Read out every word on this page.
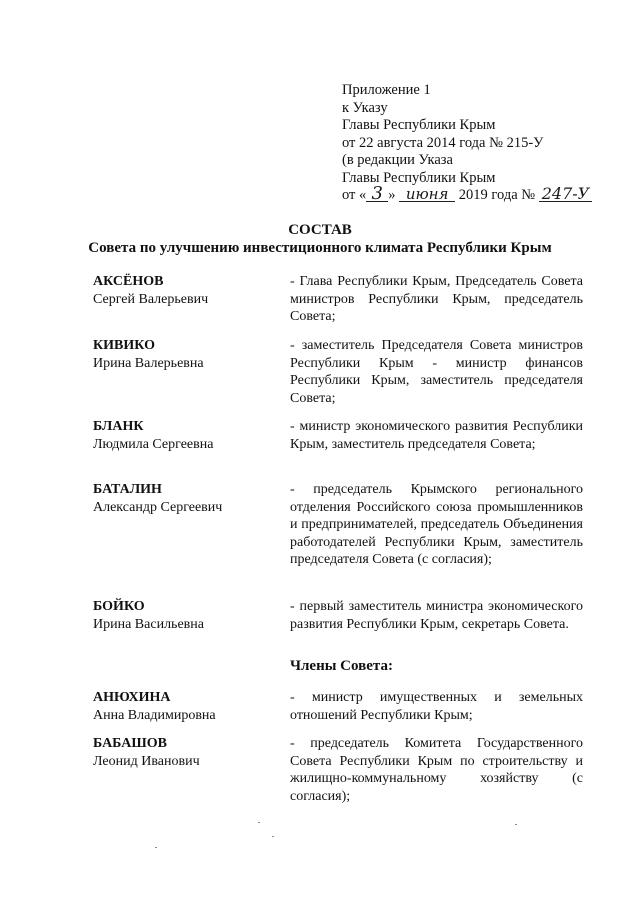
Приложение 1
к Указу
Главы Республики Крым
от 22 августа 2014 года № 215-У
(в редакции Указа
Главы Республики Крым
от « 3 » июня 2019 года № 247-У
СОСТАВ
Совета по улучшению инвестиционного климата Республики Крым
АКСЁНОВ
Сергей Валерьевич
- Глава Республики Крым, Председатель Совета министров Республики Крым, председатель Совета;
КИВИКО
Ирина Валерьевна
- заместитель Председателя Совета министров Республики Крым - министр финансов Республики Крым, заместитель председателя Совета;
БЛАНК
Людмила Сергеевна
- министр экономического развития Республики Крым, заместитель председателя Совета;
БАТАЛИН
Александр Сергеевич
- председатель Крымского регионального отделения Российского союза промышленников и предпринимателей, председатель Объединения работодателей Республики Крым, заместитель председателя Совета (с согласия);
БОЙКО
Ирина Васильевна
- первый заместитель министра экономического развития Республики Крым, секретарь Совета.
Члены Совета:
АНЮХИНА
Анна Владимировна
- министр имущественных и земельных отношений Республики Крым;
БАБАШОВ
Леонид Иванович
- председатель Комитета Государственного Совета Республики Крым по строительству и жилищно-коммунальному хозяйству (с согласия);
